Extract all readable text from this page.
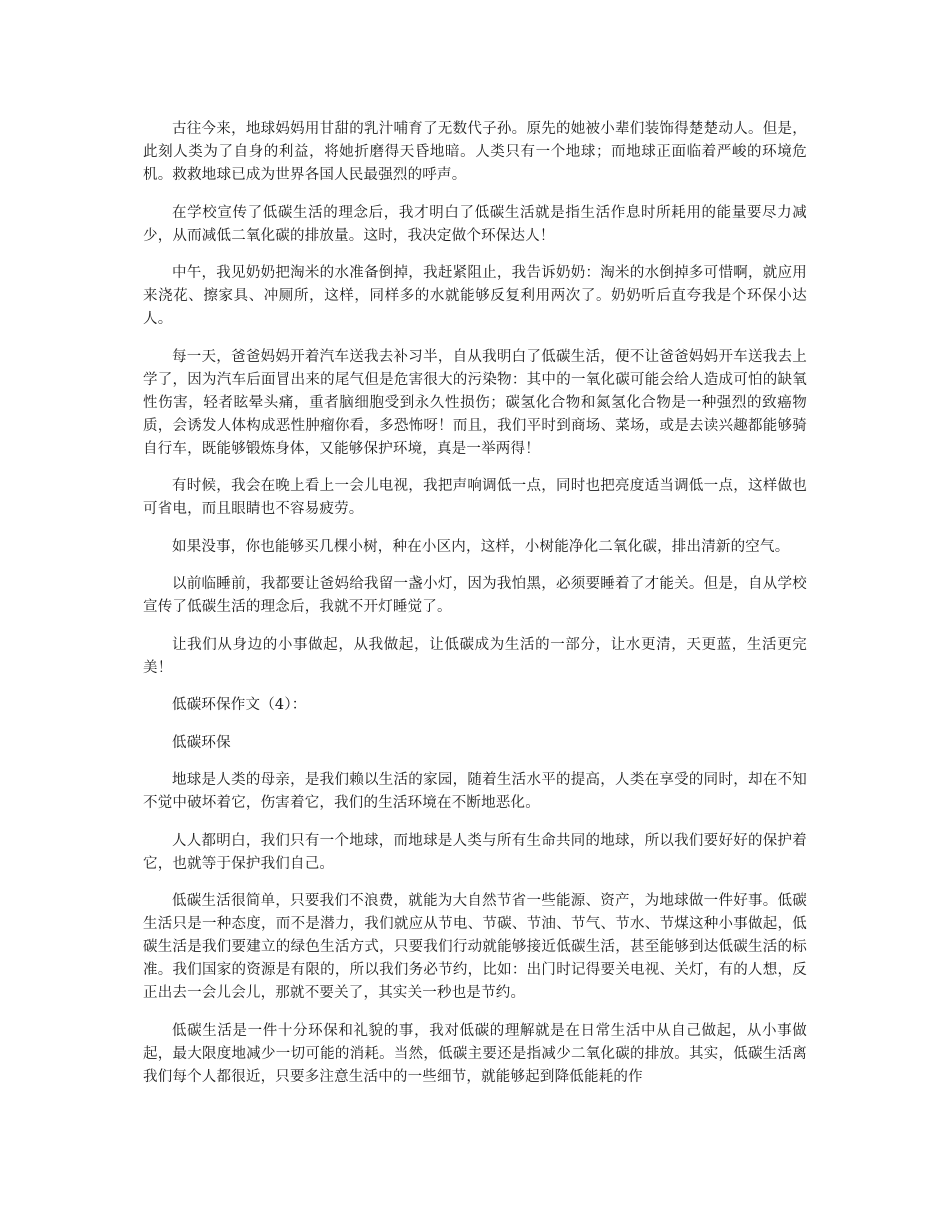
古往今来，地球妈妈用甘甜的乳汁哺育了无数代子孙。原先的她被小辈们装饰得楚楚动人。但是，此刻人类为了自身的利益，将她折磨得天昏地暗。人类只有一个地球；而地球正面临着严峻的环境危机。救救地球已成为世界各国人民最强烈的呼声。

在学校宣传了低碳生活的理念后，我才明白了低碳生活就是指生活作息时所耗用的能量要尽力减少，从而减低二氧化碳的排放量。这时，我决定做个环保达人！

中午，我见奶奶把淘米的水准备倒掉，我赶紧阻止，我告诉奶奶：淘米的水倒掉多可惜啊，就应用来浇花、擦家具、冲厕所，这样，同样多的水就能够反复利用两次了。奶奶听后直夸我是个环保小达人。

每一天，爸爸妈妈开着汽车送我去补习半，自从我明白了低碳生活，便不让爸爸妈妈开车送我去上学了，因为汽车后面冒出来的尾气但是危害很大的污染物：其中的一氧化碳可能会给人造成可怕的缺氧性伤害，轻者眩晕头痛，重者脑细胞受到永久性损伤；碳氢化合物和氮氢化合物是一种强烈的致癌物质，会诱发人体构成恶性肿瘤你看，多恐怖呀！而且，我们平时到商场、菜场，或是去读兴趣都能够骑自行车，既能够锻炼身体，又能够保护环境，真是一举两得！

有时候，我会在晚上看上一会儿电视，我把声响调低一点，同时也把亮度适当调低一点，这样做也可省电，而且眼睛也不容易疲劳。

如果没事，你也能够买几棵小树，种在小区内，这样，小树能净化二氧化碳，排出清新的空气。

以前临睡前，我都要让爸妈给我留一盏小灯，因为我怕黑，必须要睡着了才能关。但是，自从学校宣传了低碳生活的理念后，我就不开灯睡觉了。

让我们从身边的小事做起，从我做起，让低碳成为生活的一部分，让水更清，天更蓝，生活更完美！

低碳环保作文（4）：

低碳环保

地球是人类的母亲，是我们赖以生活的家园，随着生活水平的提高，人类在享受的同时，却在不知不觉中破坏着它，伤害着它，我们的生活环境在不断地恶化。

人人都明白，我们只有一个地球，而地球是人类与所有生命共同的地球，所以我们要好好的保护着它，也就等于保护我们自己。

低碳生活很简单，只要我们不浪费，就能为大自然节省一些能源、资产，为地球做一件好事。低碳生活只是一种态度，而不是潜力，我们就应从节电、节碳、节油、节气、节水、节煤这种小事做起，低碳生活是我们要建立的绿色生活方式，只要我们行动就能够接近低碳生活，甚至能够到达低碳生活的标准。我们国家的资源是有限的，所以我们务必节约，比如：出门时记得要关电视、关灯，有的人想，反正出去一会儿会儿，那就不要关了，其实关一秒也是节约。

低碳生活是一件十分环保和礼貌的事，我对低碳的理解就是在日常生活中从自己做起，从小事做起，最大限度地减少一切可能的消耗。当然，低碳主要还是指减少二氧化碳的排放。其实，低碳生活离我们每个人都很近，只要多注意生活中的一些细节，就能够起到降低能耗的作
